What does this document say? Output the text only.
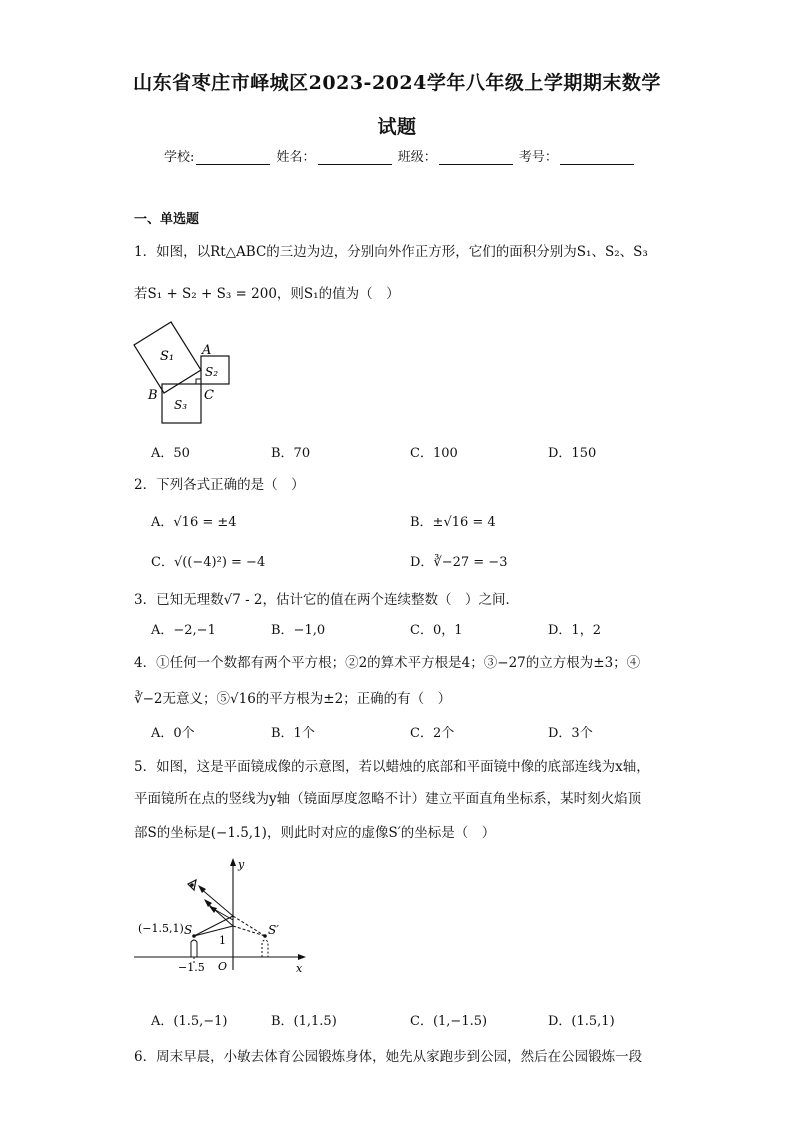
山东省枣庄市峄城区2023-2024学年八年级上学期期末数学
试题
学校:	姓名：	班级：	考号：
一、单选题
1．如图，以Rt△ABC的三边为边，分别向外作正方形，它们的面积分别为S₁、S₂、S₃
若S₁ + S₂ + S₃ = 200，则S₁的值为（　）
S₁
S₂
S₃
A
B	C
A．50	B．70	C．100	D．150
2．下列各式正确的是（　）
A．√16 = ±4	B．±√16 = 4
C．√((−4)²) = −4	D．∛−27 = −3
3．已知无理数√7 - 2，估计它的值在两个连续整数（　）之间．
A．−2,−1	B．−1,0	C．0，1	D．1，2
4．①任何一个数都有两个平方根；②2的算术平方根是4；③−27的立方根为±3；④
∛−2无意义；⑤√16的平方根为±2；正确的有（　）
A．0个	B．1个	C．2个	D．3个
5．如图，这是平面镜成像的示意图，若以蜡烛的底部和平面镜中像的底部连线为x轴，
平面镜所在点的竖线为y轴（镜面厚度忽略不计）建立平面直角坐标系，某时刻火焰顶
部S的坐标是(−1.5,1)，则此时对应的虚像S′的坐标是（　）
y
x
O
S	S′
(−1.5,1)
1
−1.5
A．(1.5,−1)	B．(1,1.5)	C．(1,−1.5)	D．(1.5,1)
6．周末早晨，小敏去体育公园锻炼身体，她先从家跑步到公园，然后在公园锻炼一段
